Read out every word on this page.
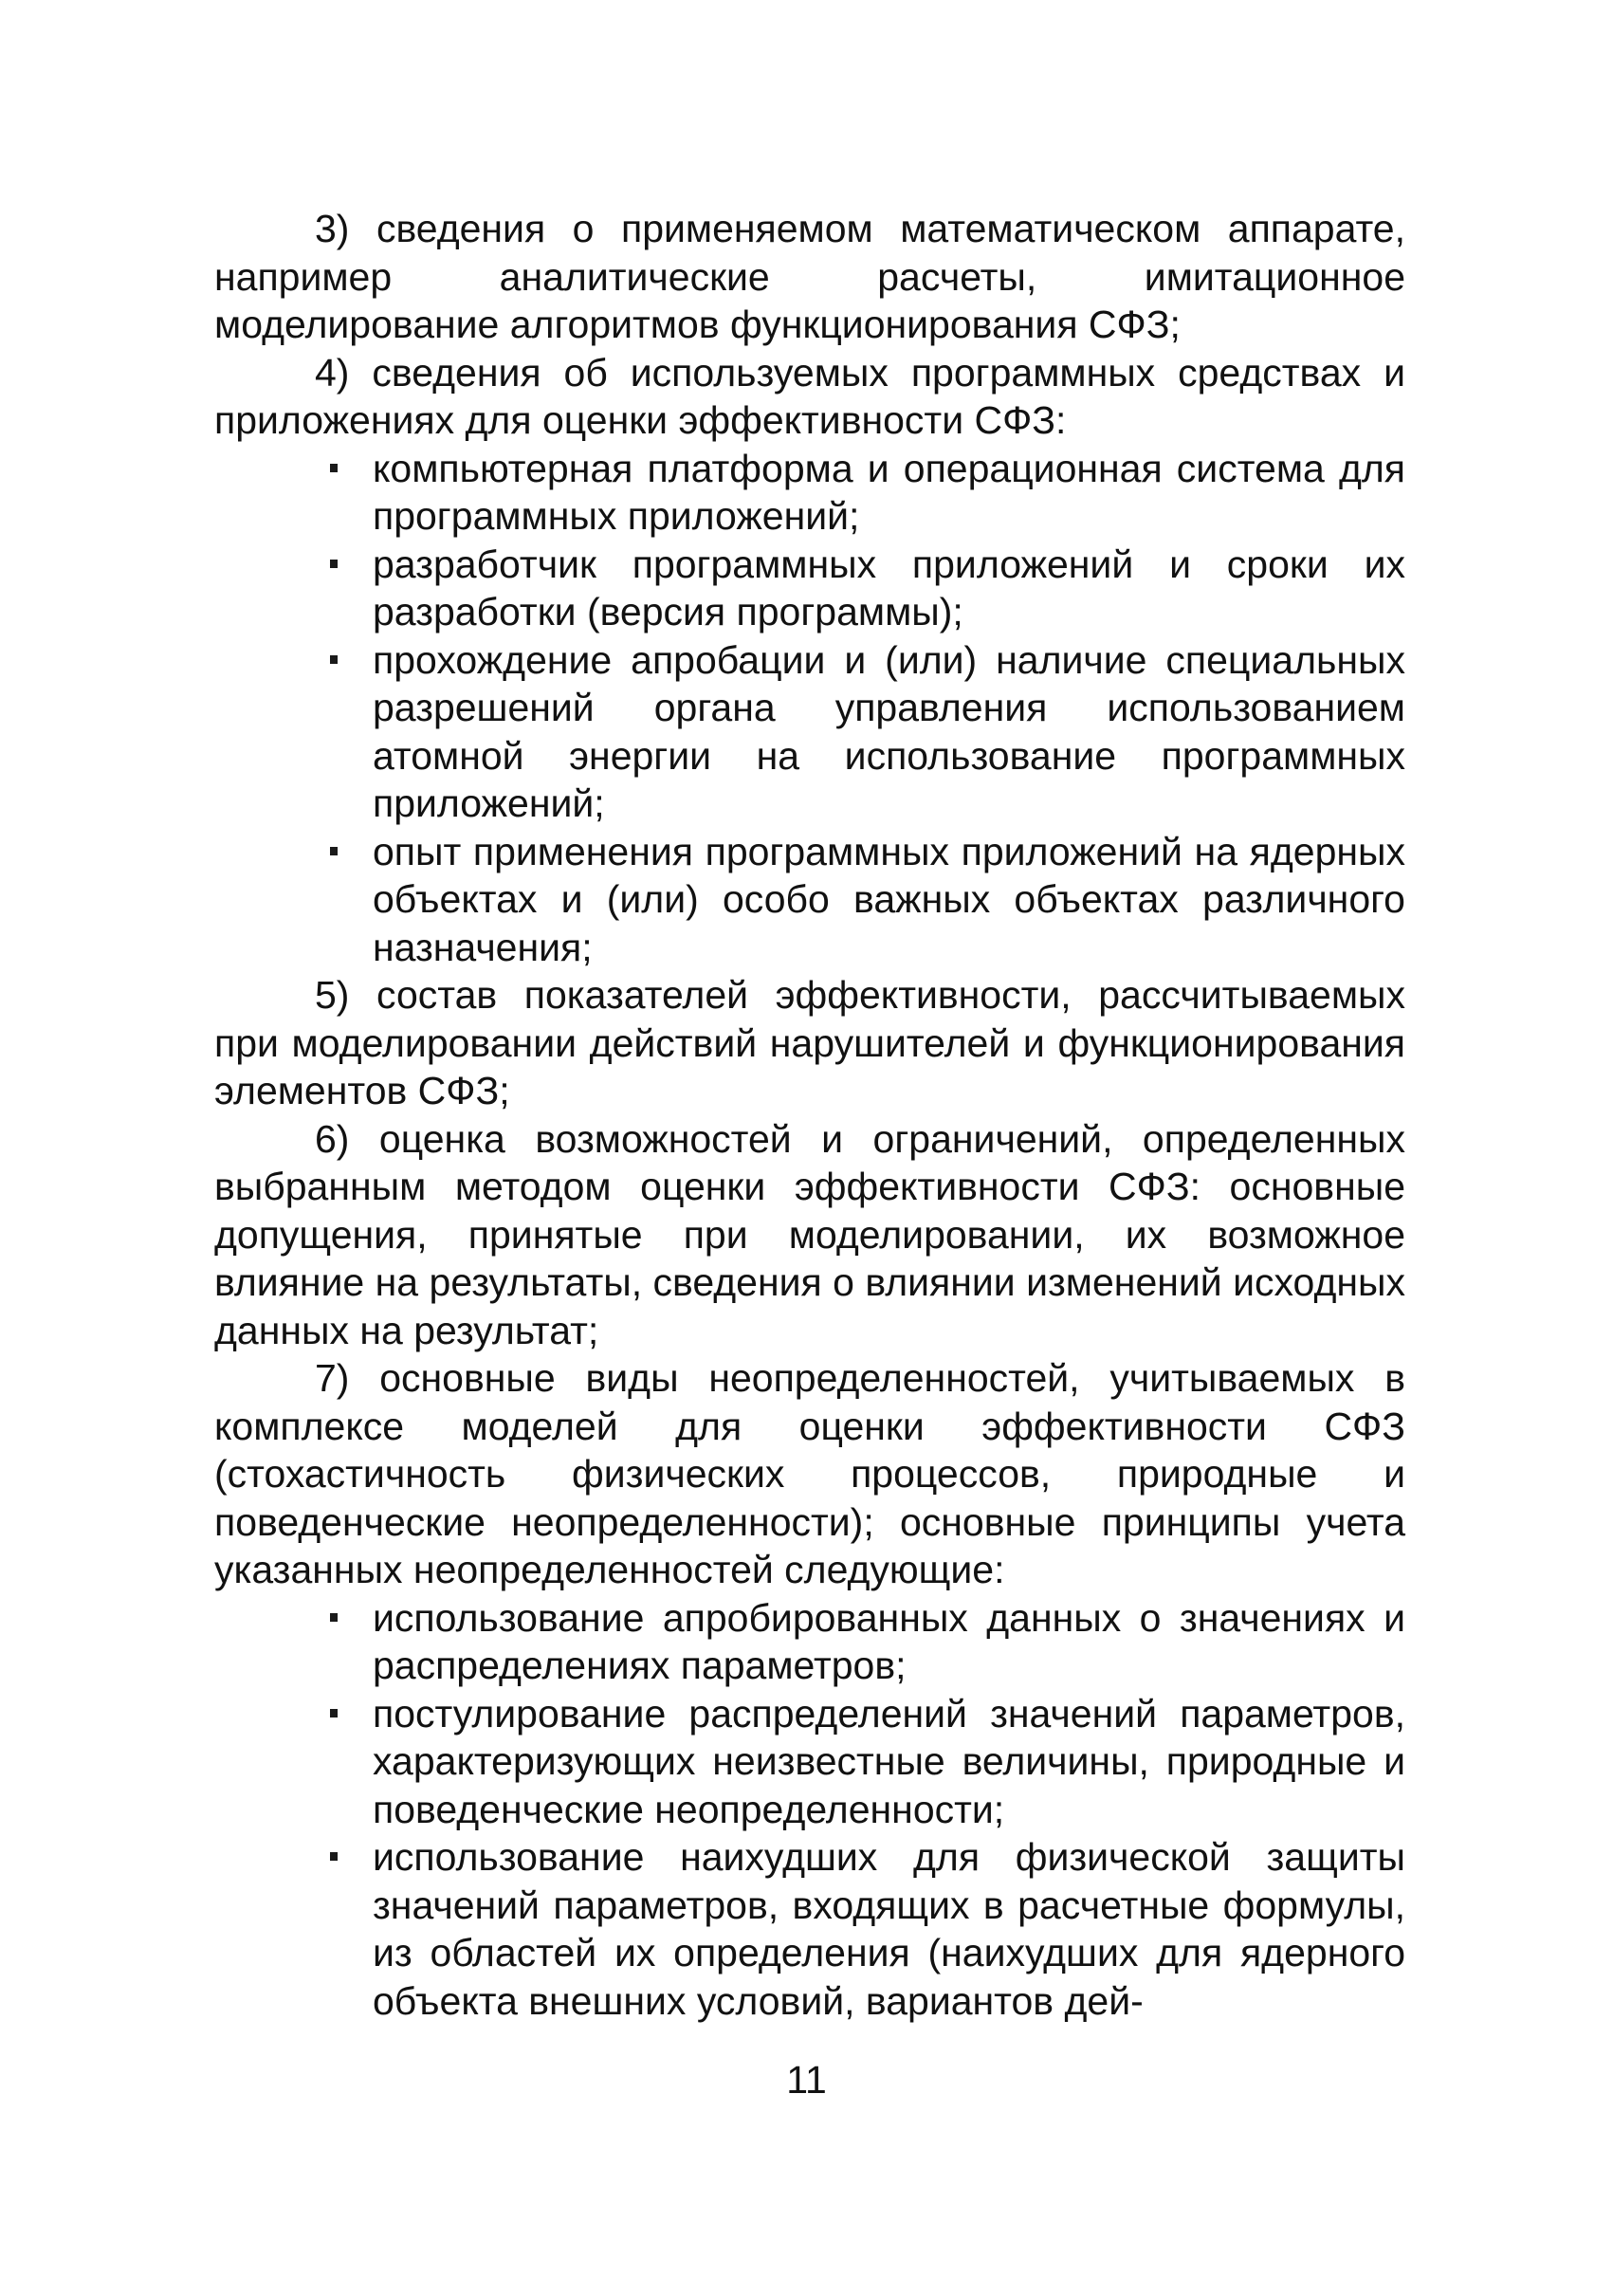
3) сведения о применяемом математическом аппарате, например аналитические расчеты, имитационное моделирование алгоритмов функционирования СФЗ;

4) сведения об используемых программных средствах и приложениях для оценки эффективности СФЗ:

компьютерная платформа и операционная система для программных приложений;
разработчик программных приложений и сроки их разработки (версия программы);
прохождение апробации и (или) наличие специальных разрешений органа управления использованием атомной энергии на использование программных приложений;
опыт применения программных приложений на ядерных объектах и (или) особо важных объектах различного назначения;

5) состав показателей эффективности, рассчитываемых при моделировании действий нарушителей и функционирования элементов СФЗ;

6) оценка возможностей и ограничений, определенных выбранным методом оценки эффективности СФЗ: основные допущения, принятые при моделировании, их возможное влияние на результаты, сведения о влиянии изменений исходных данных на результат;

7) основные виды неопределенностей, учитываемых в комплексе моделей для оценки эффективности СФЗ (стохастичность физических процессов, природные и поведенческие неопределенности); основные принципы учета указанных неопределенностей следующие:

использование апробированных данных о значениях и распределениях параметров;
постулирование распределений значений параметров, характеризующих неизвестные величины, природные и поведенческие неопределенности;
использование наихудших для физической защиты значений параметров, входящих в расчетные формулы, из областей их определения (наихудших для ядерного объекта внешних условий, вариантов дей-
11
